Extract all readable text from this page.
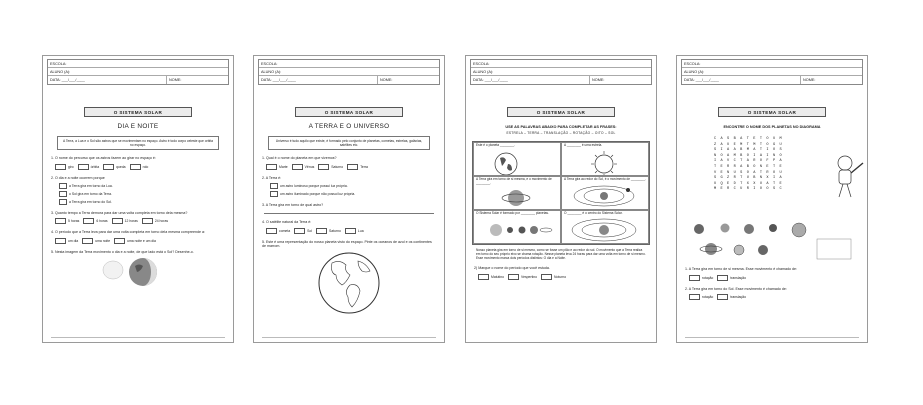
ESCOLA:
ALUNO (A):
DATA: ___/___/____	NOME:
O SISTEMA SOLAR
DIA E NOITE
A Terra, a Lua e o Sol são astros que se movimentam no espaço. Astro é todo corpo celeste que orbita no espaço.
1. O nome do percurso que os astros fazem ao girar no espaço é:
giro	órbita	queda	rolo
2. O dia e a noite ocorrem porque
a Terra gira em torno da Lua.
o Sol gira em torno da Terra.
a Terra gira em torno do Sol.
3. Quanto tempo a Terra demora para dar uma volta completa em torno dela mesma?
5 horas	6 horas	12 horas	24 horas
4. O período que a Terra leva para dar uma volta completa em torno dela mesma compreende a:
um dia	uma noite	uma noite e um dia
5. Nesta imagem da Terra movimento o dia e a noite, de que lado está o Sol? Desenhe-o.
ESCOLA:
ALUNO (A):
DATA: ___/___/____	NOME:
O SISTEMA SOLAR
A TERRA E O UNIVERSO
Universo é tudo aquilo que existe, é formado pelo conjunto de planetas, cometas, estrelas, galáxias, satélites etc.
1. Qual é o nome do planeta em que vivemos?
Marte	Vênus	Saturno	Terra
2. A Terra é:
um astro luminoso porque possui luz própria.
um astro iluminado porque não possui luz própria.
3. A Terra gira em torno de qual astro?
4. O satélite natural da Terra é:
cometa	Sol	Saturno	Lua
5. Este é uma representação do nosso planeta visto do espaço. Pinte os oceanos de azul e os continentes de marrom.
ESCOLA:
ALUNO (A):
DATA: ___/___/____	NOME:
O SISTEMA SOLAR
USE AS PALAVRAS ABAIXO PARA COMPLETAR AS FRASES:
ESTRELA – TERRA – TRANSLAÇÃO – ROTAÇÃO – OITO – SOL
Este é o planeta ________.	A ________ é uma estrela.
A Terra gira em torno de si mesma, e o movimento de ________.
A Terra gira ao redor do Sol, é o movimento de ________.
O Sistema Solar é formado por ________ planetas.	O ________ é o centro do Sistema Solar.
Nosso planeta gira em torno de si mesmo, como se fosse um pião e ao redor do sol. O movimento que a Terra realiza em torno do seu próprio eixo se chama rotação. Nesse planeta leva 24 horas para dar uma volta em torno de si mesmo. Esse movimento marca dois períodos distintos: O dia e a Noite.
2) Marque o nome do período que você estuda.
Matutino	Vespertino	Noturno
ESCOLA:
ALUNO (A):
DATA: ___/___/____	NOME:
O SISTEMA SOLAR
ENCONTRE O NOME DOS PLANETAS NO DIAGRAMA
CASBATETOUM
ZAUEMTMTOGU
SIAABMATIOS
NOAMBOIAINO
IAVCTAROFPA
TERRABONETE
VENUSOATROU
SGZRTUBNXIA
UQEDTXXUATE
MERCURIOOSC
1. A Terra gira em torno de si mesma. Esse movimento é chamado de:
rotação	translação
2. A Terra gira em torno do Sol. Esse movimento é chamado de:
rotação	translação
